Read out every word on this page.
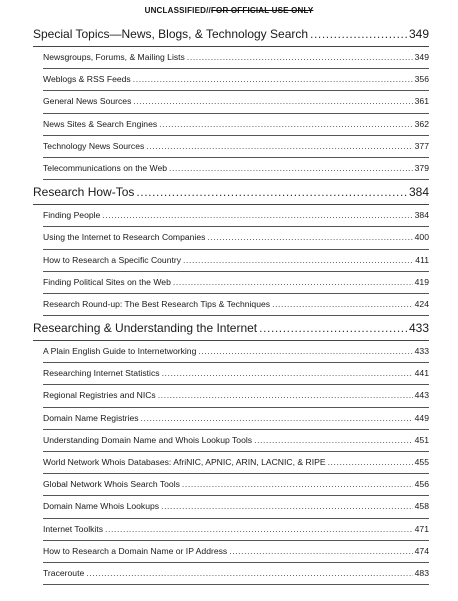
UNCLASSIFIED//FOR OFFICIAL USE ONLY
Special Topics—News, Blogs, & Technology Search .....	349
Newsgroups, Forums, & Mailing Lists .....	349
Weblogs & RSS Feeds .....	356
General News Sources .....	361
News Sites & Search Engines .....	362
Technology News Sources .....	377
Telecommunications on the Web .....	379
Research How-Tos .....	384
Finding People .....	384
Using the Internet to Research Companies .....	400
How to Research a Specific Country .....	411
Finding Political Sites on the Web .....	419
Research Round-up: The Best Research Tips & Techniques .....	424
Researching & Understanding the Internet .....	433
A Plain English Guide to Internetworking .....	433
Researching Internet Statistics .....	441
Regional Registries and NICs .....	443
Domain Name Registries .....	449
Understanding Domain Name and Whois Lookup Tools .....	451
World Network Whois Databases: AfriNIC, APNIC, ARIN, LACNIC, & RIPE .....	455
Global Network Whois Search Tools .....	456
Domain Name Whois Lookups .....	458
Internet Toolkits .....	471
How to Research a Domain Name or IP Address .....	474
Traceroute .....	483
